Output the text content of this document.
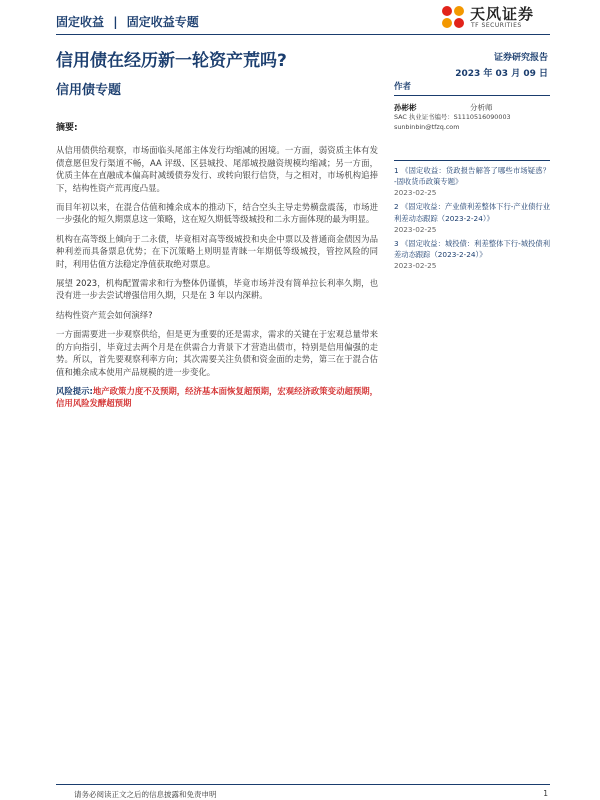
固定收益 | 固定收益专题	天风证券
TF SECURITIES
信用债在经历新一轮资产荒吗?
信用债专题
证券研究报告
2023 年 03 月 09 日

摘要:

从信用债供给观察，市场面临头尾部主体发行均缩减的困境。一方面，弱资质主体有发债意愿但发行渠道不畅，AA 评级、区县城投、尾部城投融资规模均缩减；另一方面，优质主体在直融成本偏高时减缓债券发行、或转向银行信贷，与之相对，市场机构追捧下，结构性资产荒再度凸显。

而目年初以来，在混合估值和摊余成本的推动下，结合空头主导走势横盘震荡，市场进一步强化的短久期票息这一策略，这在短久期低等级城投和二永方面体现的最为明显。

机构在高等级上倾向于二永债，毕竟相对高等级城投和央企中票以及普通商金债因为品种利差而具备票息优势；在下沉策略上则明显青睐一年期低等级城投，管控风险的同时，利用估值方法稳定净值获取绝对票息。

展望 2023，机构配置需求和行为整体仍谨慎，毕竟市场并没有简单拉长利率久期，也没有进一步去尝试增强信用久期，只是在 3 年以内深耕。

结构性资产荒会如何演绎?

一方面需要进一步观察供给，但是更为重要的还是需求，需求的关键在于宏观总量带来的方向指引，毕竟过去两个月是在供需合力背景下才营造出债市，特别是信用偏强的走势。所以，首先要观察利率方向；其次需要关注负债和资金面的走势，第三在于混合估值和摊余成本使用产品规模的进一步变化。

风险提示:地产政策力度不及预期，经济基本面恢复超预期，宏观经济政策变动超预期，信用风险发酵超预期

作者
孙彬彬	分析师
SAC 执业证书编号：S1110516090003
sunbinbin@tfzq.com
1 《固定收益：货政报告解答了哪些市场疑惑？ -固收货币政策专题》
2023-02-25
2 《固定收益：产业债利差整体下行-产业债行业利差动态跟踪（2023-2-24）》
2023-02-25
3 《固定收益：城投债：利差整体下行-城投债利差动态跟踪（2023-2-24）》
2023-02-25
请务必阅读正文之后的信息披露和免责申明	1
